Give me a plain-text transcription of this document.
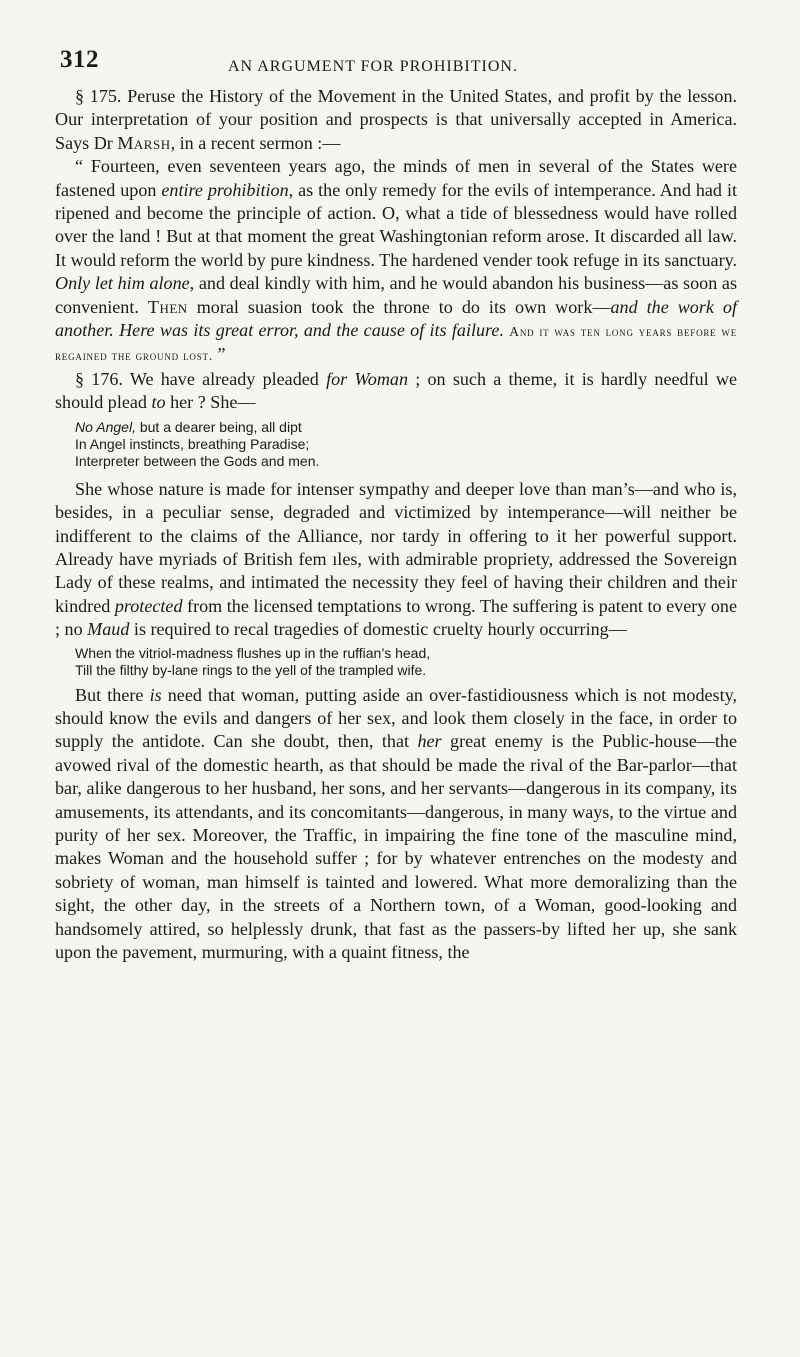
312	AN ARGUMENT FOR PROHIBITION.

§ 175. Peruse the History of the Movement in the United States, and profit by the lesson. Our interpretation of your position and prospects is that universally accepted in America. Says Dr Marsh, in a recent sermon :—

“ Fourteen, even seventeen years ago, the minds of men in several of the States were fastened upon entire prohibition, as the only remedy for the evils of intemperance. And had it ripened and become the principle of action. O, what a tide of blessedness would have rolled over the land ! But at that moment the great Washingtonian reform arose. It discarded all law. It would reform the world by pure kindness. The hardened vender took refuge in its sanctuary. Only let him alone, and deal kindly with him, and he would abandon his business—as soon as convenient. Then moral suasion took the throne to do its own work—and the work of another. Here was its great error, and the cause of its failure. And it was ten long years before we regained the ground lost. ”

§ 176. We have already pleaded for Woman ; on such a theme, it is hardly needful we should plead to her ? She—

No Angel, but a dearer being, all dipt
In Angel instincts, breathing Paradise;
Interpreter between the Gods and men.

She whose nature is made for intenser sympathy and deeper love than man’s—and who is, besides, in a peculiar sense, degraded and victimized by intemperance—will neither be indifferent to the claims of the Alliance, nor tardy in offering to it her powerful support. Already have myriads of British fem ıles, with admirable propriety, addressed the Sovereign Lady of these realms, and intimated the necessity they feel of having their children and their kindred protected from the licensed temptations to wrong. The suffering is patent to every one ; no Maud is required to recal tragedies of domestic cruelty hourly occurring—

When the vitriol-madness flushes up in the ruffian’s head,
Till the filthy by-lane rings to the yell of the trampled wife.

But there is need that woman, putting aside an over-fastidiousness which is not modesty, should know the evils and dangers of her sex, and look them closely in the face, in order to supply the antidote. Can she doubt, then, that her great enemy is the Public-house—the avowed rival of the domestic hearth, as that should be made the rival of the Bar-parlor—that bar, alike dangerous to her husband, her sons, and her servants—dangerous in its company, its amusements, its attendants, and its concomitants—dangerous, in many ways, to the virtue and purity of her sex. Moreover, the Traffic, in impairing the fine tone of the masculine mind, makes Woman and the household suffer ; for by whatever entrenches on the modesty and sobriety of woman, man himself is tainted and lowered. What more demoralizing than the sight, the other day, in the streets of a Northern town, of a Woman, good-looking and handsomely attired, so helplessly drunk, that fast as the passers-by lifted her up, she sank upon the pavement, murmuring, with a quaint fitness, the
